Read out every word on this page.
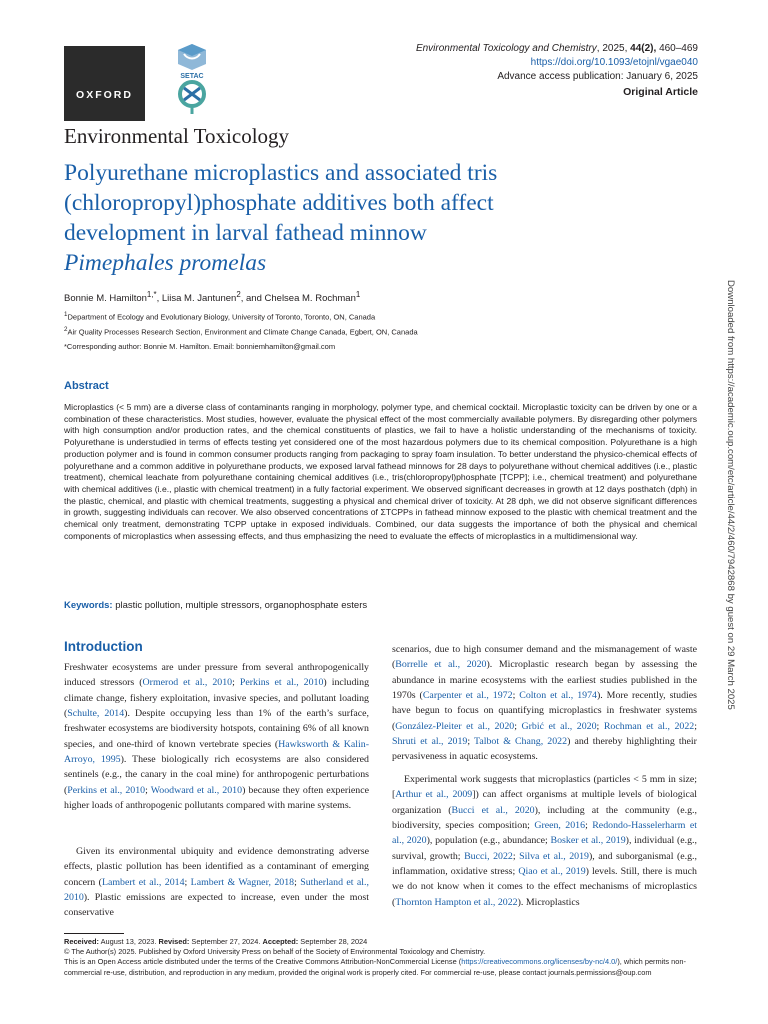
OXFORD
SETAC
Environmental Toxicology and Chemistry, 2025, 44(2), 460–469
https://doi.org/10.1093/etojnl/vgae040
Advance access publication: January 6, 2025
Original Article
Environmental Toxicology
Polyurethane microplastics and associated tris
(chloropropyl)phosphate additives both affect
development in larval fathead minnow
Pimephales promelas
Bonnie M. Hamilton$^{1,*}$, Liisa M. Jantunen$^2$, and Chelsea M. Rochman$^1$
$^1$Department of Ecology and Evolutionary Biology, University of Toronto, Toronto, ON, Canada
$^2$Air Quality Processes Research Section, Environment and Climate Change Canada, Egbert, ON, Canada
*Corresponding author: Bonnie M. Hamilton. Email: bonniemhamilton@gmail.com
Abstract

Microplastics (< 5 mm) are a diverse class of contaminants ranging in morphology, polymer type, and chemical cocktail. Microplastic toxicity can be driven by one or a combination of these characteristics. Most studies, however, evaluate the physical effect of the most commercially available polymers. By disregarding other polymers with high consumption and/or production rates, and the chemical constituents of plastics, we fail to have a holistic understanding of the mechanisms of toxicity. Polyurethane is understudied in terms of effects testing yet considered one of the most hazardous polymers due to its chemical composition. Polyurethane is a high production polymer and is found in common consumer products ranging from packaging to spray foam insulation. To better understand the physico-chemical effects of polyurethane and a common additive in polyurethane products, we exposed larval fathead minnows for 28 days to polyurethane without chemical additives (i.e., plastic treatment), chemical leachate from polyurethane containing chemical additives (i.e., tris(chloropropyl)phosphate [TCPP]; i.e., chemical treatment) and polyurethane with chemical additives (i.e., plastic with chemical treatment) in a fully factorial experiment. We observed significant decreases in growth at 12 days posthatch (dph) in the plastic, chemical, and plastic with chemical treatments, suggesting a physical and chemical driver of toxicity. At 28 dph, we did not observe significant differences in growth, suggesting individuals can recover. We also observed concentrations of ΣTCPPs in fathead minnow exposed to the plastic with chemical treatment and the chemical only treatment, demonstrating TCPP uptake in exposed individuals. Combined, our data suggests the importance of both the physical and chemical components of microplastics when assessing effects, and thus emphasizing the need to evaluate the effects of microplastics in a multidimensional way.

Keywords: plastic pollution, multiple stressors, organophosphate esters
Introduction

Freshwater ecosystems are under pressure from several anthropogenically induced stressors (Ormerod et al., 2010; Perkins et al., 2010) including climate change, fishery exploitation, invasive species, and pollutant loading (Schulte, 2014). Despite occupying less than 1% of the earth’s surface, freshwater ecosystems are biodiversity hotspots, containing 6% of all known species, and one-third of known vertebrate species (Hawksworth & Kalin-Arroyo, 1995). These biologically rich ecosystems are also considered sentinels (e.g., the canary in the coal mine) for anthropogenic perturbations (Perkins et al., 2010; Woodward et al., 2010) because they often experience higher loads of anthropogenic pollutants compared with marine systems.

Given its environmental ubiquity and evidence demonstrating adverse effects, plastic pollution has been identified as a contaminant of emerging concern (Lambert et al., 2014; Lambert & Wagner, 2018; Sutherland et al., 2010). Plastic emissions are expected to increase, even under the most conservative

scenarios, due to high consumer demand and the mismanagement of waste (Borrelle et al., 2020). Microplastic research began by assessing the abundance in marine ecosystems with the earliest studies published in the 1970s (Carpenter et al., 1972; Colton et al., 1974). More recently, studies have begun to focus on quantifying microplastics in freshwater systems (González-Pleiter et al., 2020; Grbić et al., 2020; Rochman et al., 2022; Shruti et al., 2019; Talbot & Chang, 2022) and thereby highlighting their pervasiveness in aquatic ecosystems.

Experimental work suggests that microplastics (particles < 5 mm in size; [Arthur et al., 2009]) can affect organisms at multiple levels of biological organization (Bucci et al., 2020), including at the community (e.g., biodiversity, species composition; Green, 2016; Redondo-Hasselerharm et al., 2020), population (e.g., abundance; Bosker et al., 2019), individual (e.g., survival, growth; Bucci, 2022; Silva et al., 2019), and suborganismal (e.g., inflammation, oxidative stress; Qiao et al., 2019) levels. Still, there is much we do not know when it comes to the effect mechanisms of microplastics (Thornton Hampton et al., 2022). Microplastics

Received: August 13, 2023. Revised: September 27, 2024. Accepted: September 28, 2024
© The Author(s) 2025. Published by Oxford University Press on behalf of the Society of Environmental Toxicology and Chemistry.
This is an Open Access article distributed under the terms of the Creative Commons Attribution-NonCommercial License (https://creativecommons.org/licenses/by-nc/4.0/), which permits non-commercial re-use, distribution, and reproduction in any medium, provided the original work is properly cited. For commercial re-use, please contact journals.permissions@oup.com
Downloaded from https://academic.oup.com/etc/article/44/2/460/7942868 by guest on 29 March 2025
